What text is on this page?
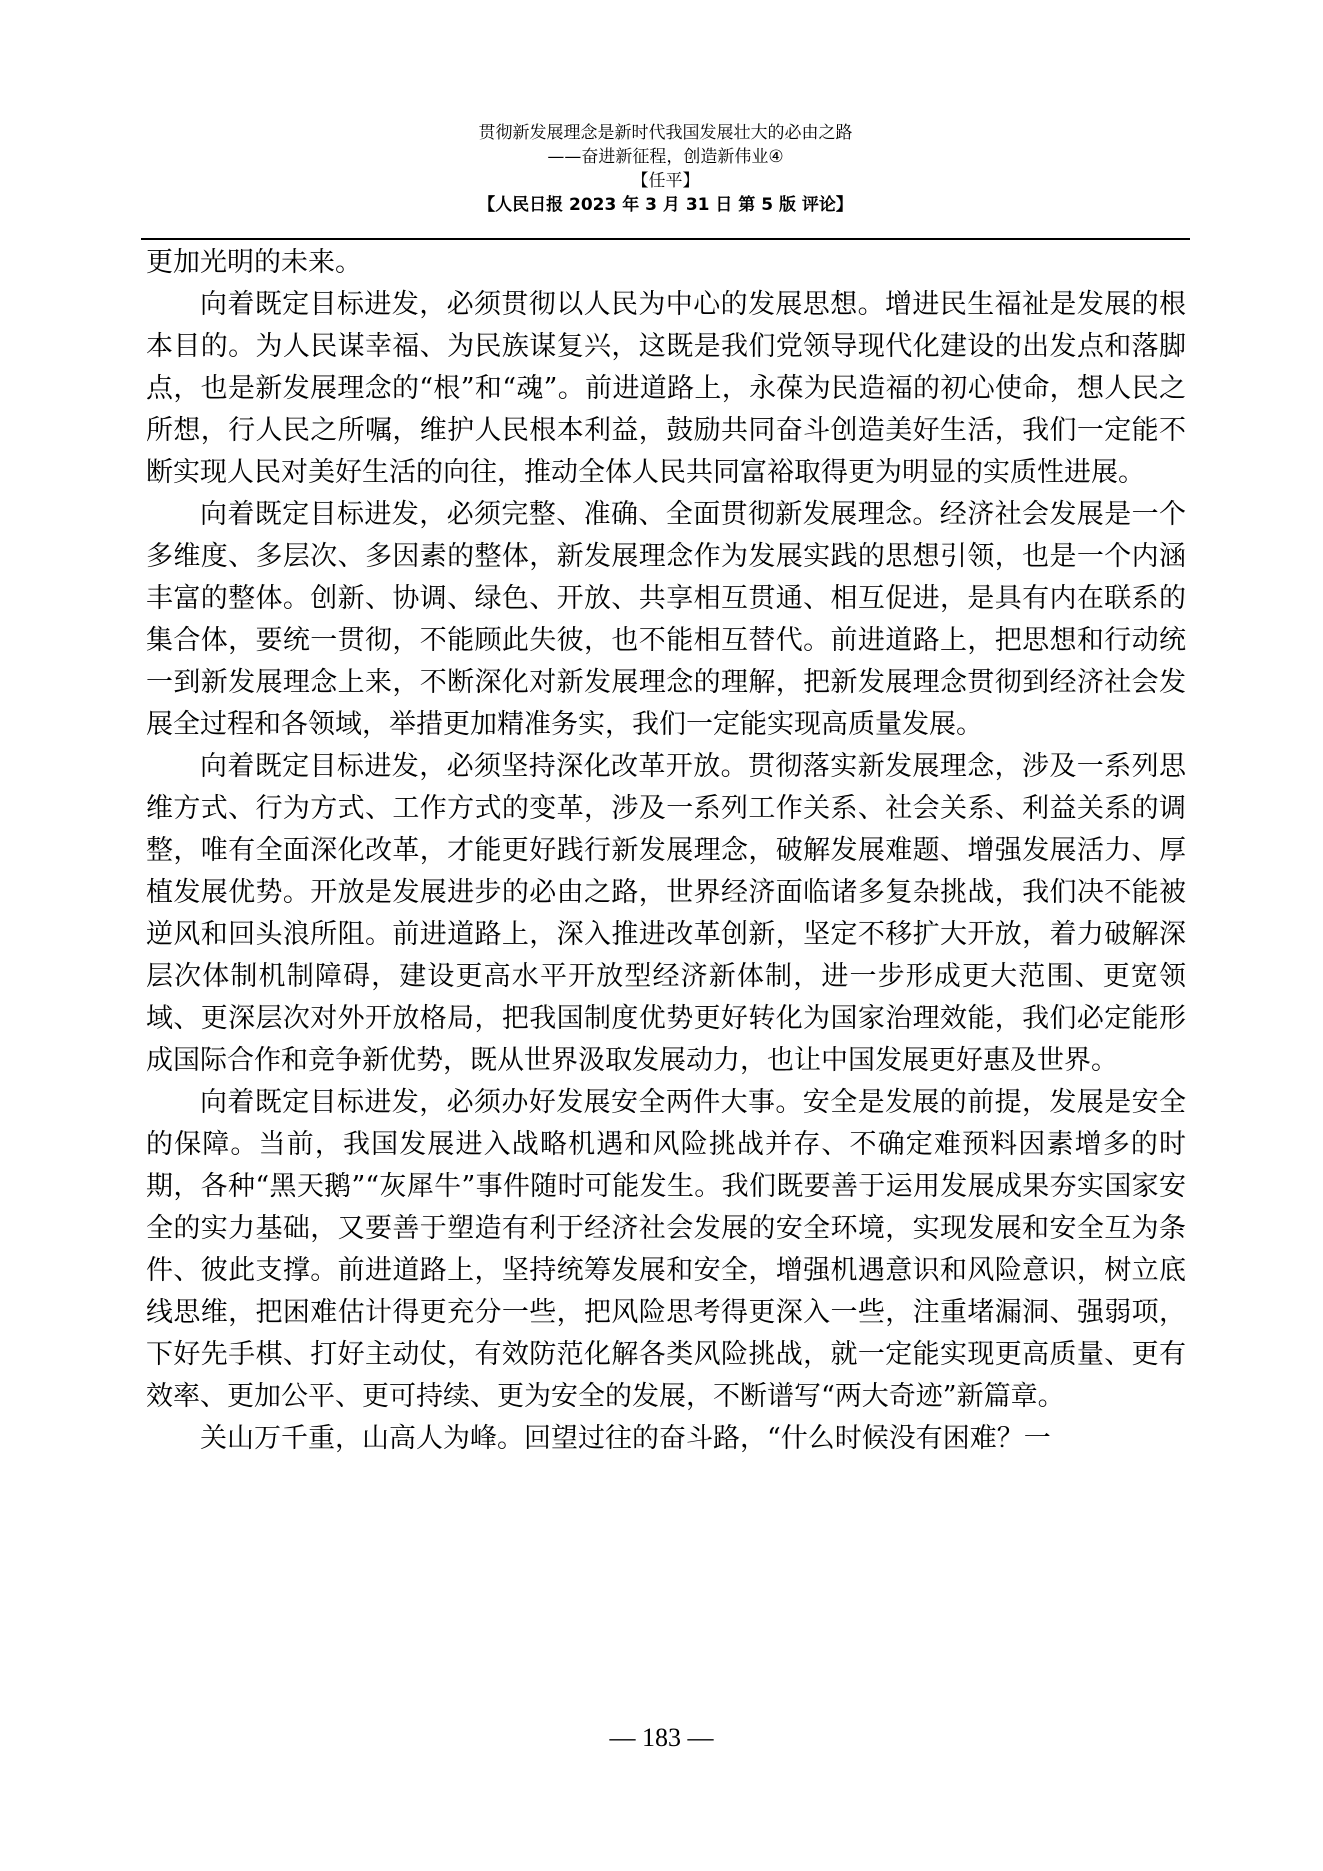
贯彻新发展理念是新时代我国发展壮大的必由之路
——奋进新征程，创造新伟业④
【任平】
【人民日报 2023 年 3 月 31 日 第 5 版 评论】

更加光明的未来。

向着既定目标进发，必须贯彻以人民为中心的发展思想。增进民生福祉是发展的根本目的。为人民谋幸福、为民族谋复兴，这既是我们党领导现代化建设的出发点和落脚点，也是新发展理念的“根”和“魂”。前进道路上，永葆为民造福的初心使命，想人民之所想，行人民之所嘱，维护人民根本利益，鼓励共同奋斗创造美好生活，我们一定能不断实现人民对美好生活的向往，推动全体人民共同富裕取得更为明显的实质性进展。

向着既定目标进发，必须完整、准确、全面贯彻新发展理念。经济社会发展是一个多维度、多层次、多因素的整体，新发展理念作为发展实践的思想引领，也是一个内涵丰富的整体。创新、协调、绿色、开放、共享相互贯通、相互促进，是具有内在联系的集合体，要统一贯彻，不能顾此失彼，也不能相互替代。前进道路上，把思想和行动统一到新发展理念上来，不断深化对新发展理念的理解，把新发展理念贯彻到经济社会发展全过程和各领域，举措更加精准务实，我们一定能实现高质量发展。

向着既定目标进发，必须坚持深化改革开放。贯彻落实新发展理念，涉及一系列思维方式、行为方式、工作方式的变革，涉及一系列工作关系、社会关系、利益关系的调整，唯有全面深化改革，才能更好践行新发展理念，破解发展难题、增强发展活力、厚植发展优势。开放是发展进步的必由之路，世界经济面临诸多复杂挑战，我们决不能被逆风和回头浪所阻。前进道路上，深入推进改革创新，坚定不移扩大开放，着力破解深层次体制机制障碍，建设更高水平开放型经济新体制，进一步形成更大范围、更宽领域、更深层次对外开放格局，把我国制度优势更好转化为国家治理效能，我们必定能形成国际合作和竞争新优势，既从世界汲取发展动力，也让中国发展更好惠及世界。

向着既定目标进发，必须办好发展安全两件大事。安全是发展的前提，发展是安全的保障。当前，我国发展进入战略机遇和风险挑战并存、不确定难预料因素增多的时期，各种“黑天鹅”“灰犀牛”事件随时可能发生。我们既要善于运用发展成果夯实国家安全的实力基础，又要善于塑造有利于经济社会发展的安全环境，实现发展和安全互为条件、彼此支撑。前进道路上，坚持统筹发展和安全，增强机遇意识和风险意识，树立底线思维，把困难估计得更充分一些，把风险思考得更深入一些，注重堵漏洞、强弱项，下好先手棋、打好主动仗，有效防范化解各类风险挑战，就一定能实现更高质量、更有效率、更加公平、更可持续、更为安全的发展，不断谱写“两大奇迹”新篇章。

关山万千重，山高人为峰。回望过往的奋斗路，“什么时候没有困难？一

— 183 —
